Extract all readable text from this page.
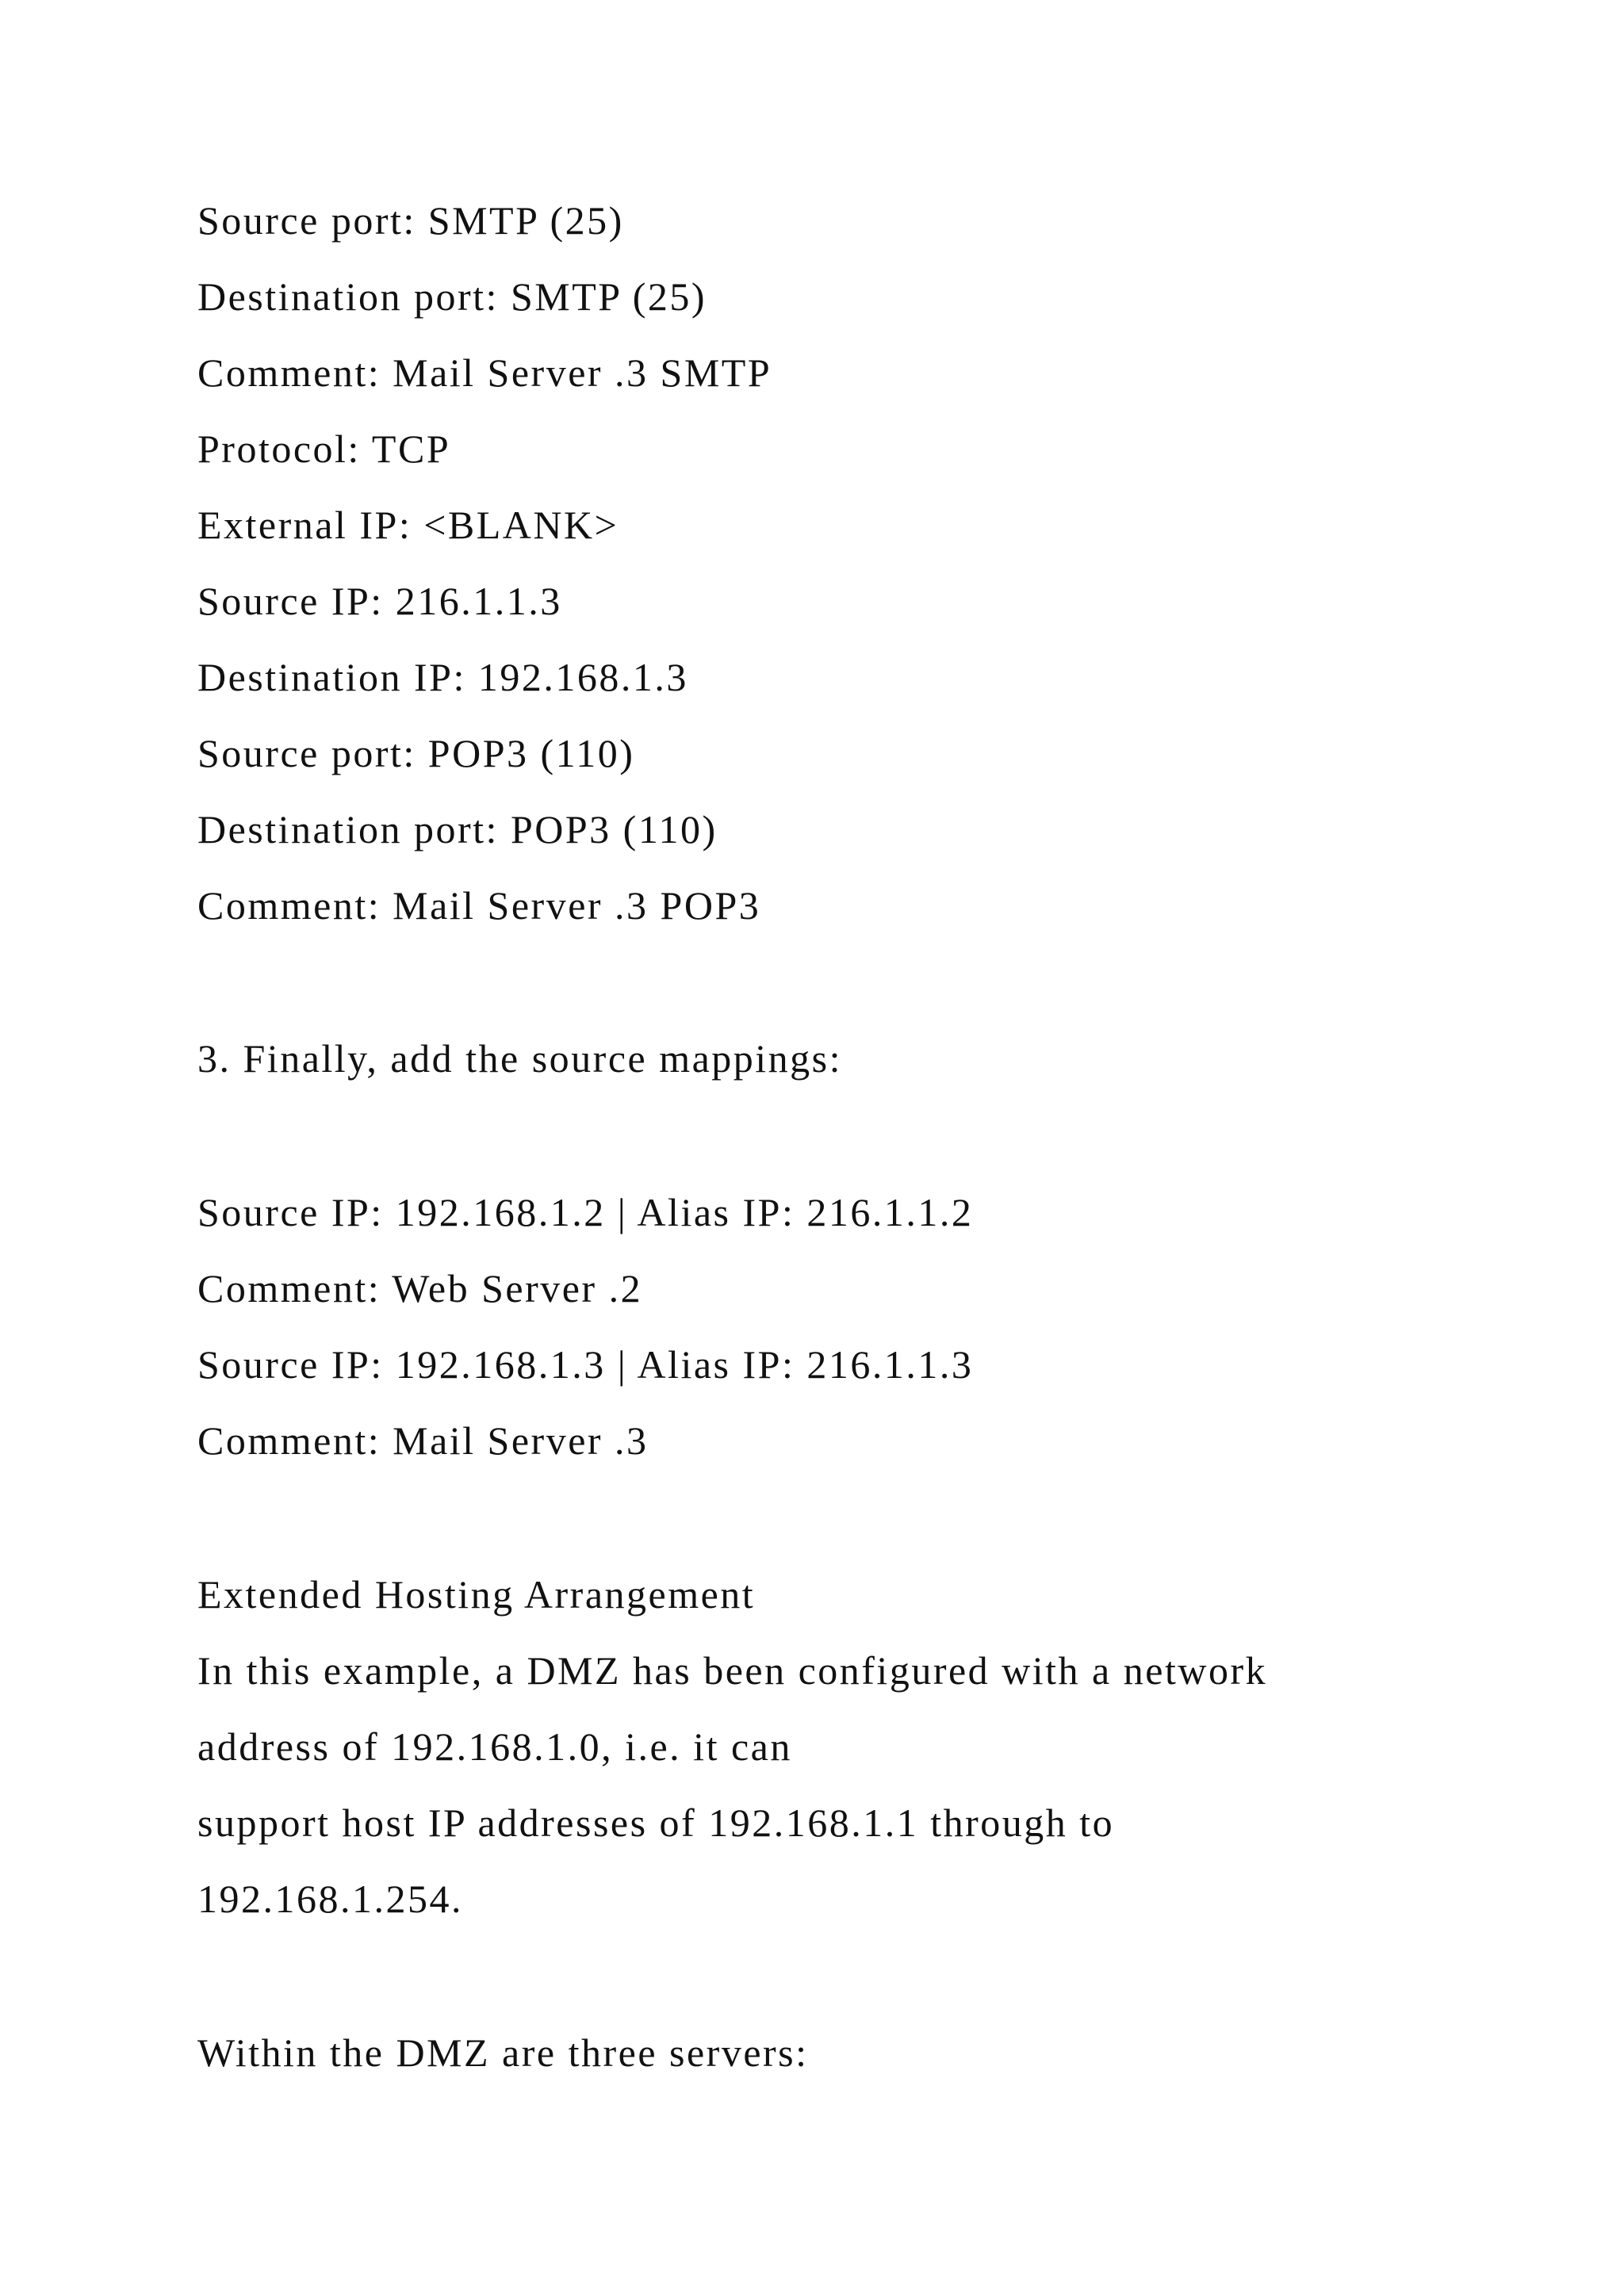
Source port: SMTP (25)
Destination port: SMTP (25)
Comment: Mail Server .3 SMTP
Protocol: TCP
External IP: <BLANK>
Source IP: 216.1.1.3
Destination IP: 192.168.1.3
Source port: POP3 (110)
Destination port: POP3 (110)
Comment: Mail Server .3 POP3
3. Finally, add the source mappings:
Source IP: 192.168.1.2 | Alias IP: 216.1.1.2
Comment: Web Server .2
Source IP: 192.168.1.3 | Alias IP: 216.1.1.3
Comment: Mail Server .3
Extended Hosting Arrangement
In this example, a DMZ has been configured with a network
address of 192.168.1.0, i.e. it can
support host IP addresses of 192.168.1.1 through to
192.168.1.254.
Within the DMZ are three servers:
